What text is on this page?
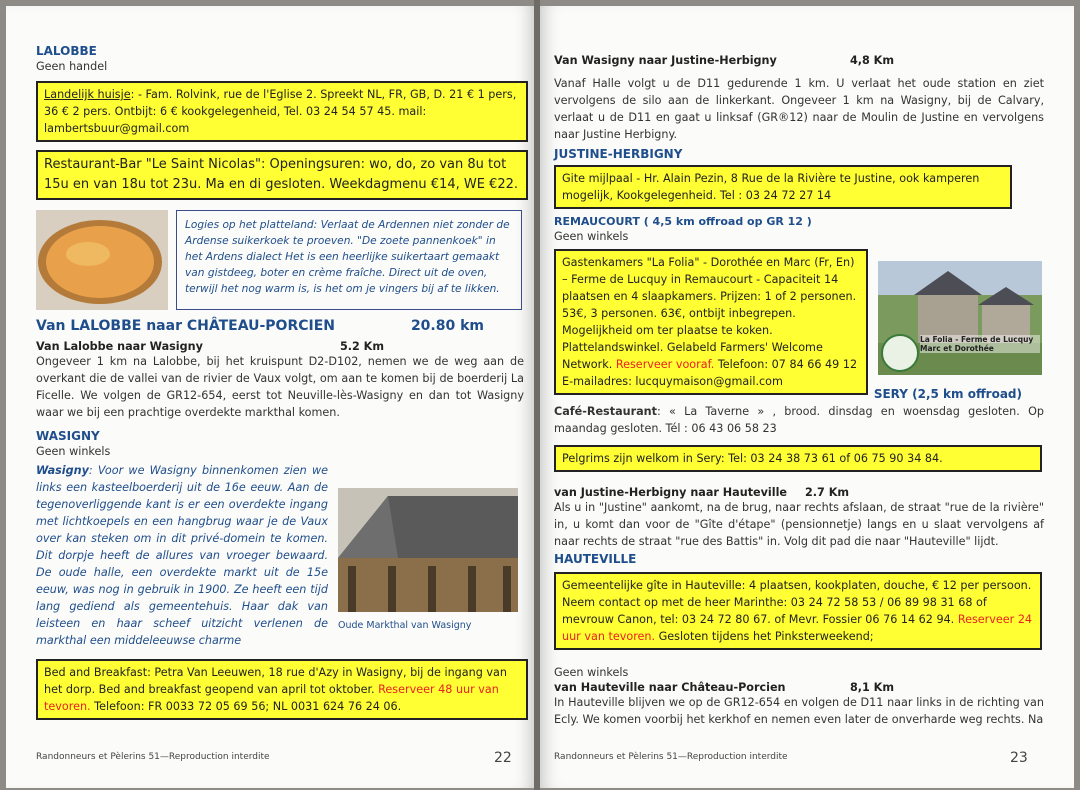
LALOBBE

Geen handel

Landelijk huisje: - Fam. Rolvink, rue de l'Eglise 2. Spreekt NL, FR, GB, D. 21 € 1 pers, 36 € 2 pers. Ontbijt: 6 € kookgelegenheid, Tel. 03 24 54 57 45. mail: lambertsbuur@gmail.com
Restaurant-Bar "Le Saint Nicolas": Openingsuren: wo, do, zo van 8u tot 15u en van 18u tot 23u. Ma en di gesloten. Weekdagmenu €14, WE €22.
Logies op het platteland: Verlaat de Ardennen niet zonder de Ardense suikerkoek te proeven. "De zoete pannenkoek" in het Ardens dialect Het is een heerlijke suikertaart gemaakt van gistdeeg, boter en crème fraîche. Direct uit de oven, terwijl het nog warm is, is het om je vingers bij af te likken.
Van LALOBBE naar CHÂTEAU-PORCIEN	20.80 km
Van Lalobbe naar Wasigny	5.2 Km

Ongeveer 1 km na Lalobbe, bij het kruispunt D2-D102, nemen we de weg aan de overkant die de vallei van de rivier de Vaux volgt, om aan te komen bij de boerderij La Ficelle. We volgen de GR12-654, eerst tot Neuville-lès-Wasigny en dan tot Wasigny waar we bij een prachtige overdekte markthal komen.

WASIGNY

Geen winkels

Wasigny: Voor we Wasigny binnenkomen zien we links een kasteelboerderij uit de 16e eeuw. Aan de tegenoverliggende kant is er een overdekte ingang met lichtkoepels en een hangbrug waar je de Vaux over kan steken om in dit privé-domein te komen. Dit dorpje heeft de allures van vroeger bewaard. De oude halle, een overdekte markt uit de 15e eeuw, was nog in gebruik in 1900. Ze heeft een tijd lang gediend als gemeentehuis. Haar dak van leisteen en haar scheef uitzicht verlenen de markthal een middeleeuwse charme

Oude Markthal van Wasigny
Bed and Breakfast: Petra Van Leeuwen, 18 rue d'Azy in Wasigny, bij de ingang van het dorp. Bed and breakfast geopend van april tot oktober. Reserveer 48 uur van tevoren. Telefoon: FR 0033 72 05 69 56; NL 0031 624 76 24 06.
Randonneurs et Pèlerins 51—Reproduction interdite	22
Van Wasigny naar Justine-Herbigny	4,8 Km

Vanaf Halle volgt u de D11 gedurende 1 km. U verlaat het oude station en ziet vervolgens de silo aan de linkerkant. Ongeveer 1 km na Wasigny, bij de Calvary, verlaat u de D11 en gaat u linksaf (GR®12) naar de Moulin de Justine en vervolgens naar Justine Herbigny.

JUSTINE-HERBIGNY

Gite mijlpaal - Hr. Alain Pezin, 8 Rue de la Rivière te Justine, ook kamperen mogelijk, Kookgelegenheid. Tel : 03 24 72 27 14

REMAUCOURT ( 4,5 km offroad op GR 12 )

Geen winkels

Gastenkamers "La Folia" - Dorothée en Marc (Fr, En) – Ferme de Lucquy in Remaucourt - Capaciteit 14 plaatsen en 4 slaapkamers. Prijzen: 1 of 2 personen. 53€, 3 personen. 63€, ontbijt inbegrepen. Mogelijkheid om ter plaatse te koken. Plattelandswinkel. Gelabeld Farmers' Welcome Network. Reserveer vooraf. Telefoon: 07 84 66 49 12 E-mailadres: lucquymaison@gmail.com
La Folia - Ferme de Lucquy Marc et Dorothée

SERY (2,5 km offroad)

Café-Restaurant: « La Taverne » , brood. dinsdag en woensdag gesloten. Op maandag gesloten. Tél : 06 43 06 58 23

Pelgrims zijn welkom in Sery: Tel: 03 24 38 73 61 of 06 75 90 34 84.
van Justine-Herbigny naar Hauteville 2.7 Km

Als u in "Justine" aankomt, na de brug, naar rechts afslaan, de straat "rue de la rivière" in, u komt dan voor de "Gîte d'étape" (pensionnetje) langs en u slaat vervolgens af naar rechts de straat "rue des Battis" in. Volg dit pad die naar "Hauteville" lijdt.

HAUTEVILLE

Gemeentelijke gîte in Hauteville: 4 plaatsen, kookplaten, douche, € 12 per persoon. Neem contact op met de heer Marinthe: 03 24 72 58 53 / 06 89 98 31 68 of mevrouw Canon, tel: 03 24 72 80 67. of Mevr. Fossier 06 76 14 62 94. Reserveer 24 uur van tevoren. Gesloten tijdens het Pinksterweekend;

Geen winkels

van Hauteville naar Château-Porcien	8,1 Km

In Hauteville blijven we op de GR12-654 en volgen de D11 naar links in de richting van Ecly. We komen voorbij het kerkhof en nemen even later de onverharde weg rechts. Na

Randonneurs et Pèlerins 51—Reproduction interdite	23
